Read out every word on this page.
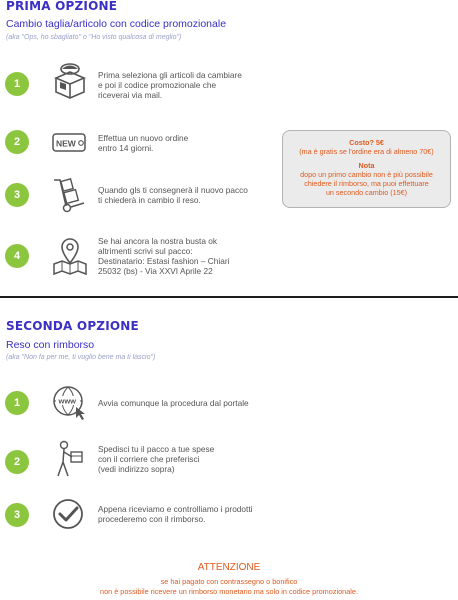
PRIMA OPZIONE
Cambio taglia/articolo con codice promozionale
(aka "Ops, ho sbagliato" o "Ho visto qualcosa di meglio")
1
Prima seleziona gli articoli da cambiare
e poi il codice promozionale che
riceverai via mail.
2	NEW
Effettua un nuovo ordine
entro 14 giorni.
3	Quando gls ti consegnerà il nuovo pacco
ti chiederà in cambio il reso.
Costo? 5€
(ma è gratis se l'ordine era di almeno 70€)
Nota
dopo un primo cambio non è più possibile
chiedere il rimborso, ma puoi effettuare
un secondo cambio (15€)
4
Se hai ancora la nostra busta ok
altrimenti scrivi sul pacco:
Destinatario: Estasi fashion – Chiari
25032 (bs) - Via XXVI Aprile 22
SECONDA OPZIONE
Reso con rimborso
(aka "Non fa per me, ti vuglio bene ma ti lascio")
1	www	Avvia comunque la procedura dal portale
2
Spedisci tu il pacco a tue spese
con il corriere che preferisci
(vedi indirizzo sopra)
3	Appena riceviamo e controlliamo i prodotti
procederemo con il rimborso.
ATTENZIONE
se hai pagato con contrassegno o bonifico
non è possibile ricevere un rimborso monetario ma solo in codice promozionale.
